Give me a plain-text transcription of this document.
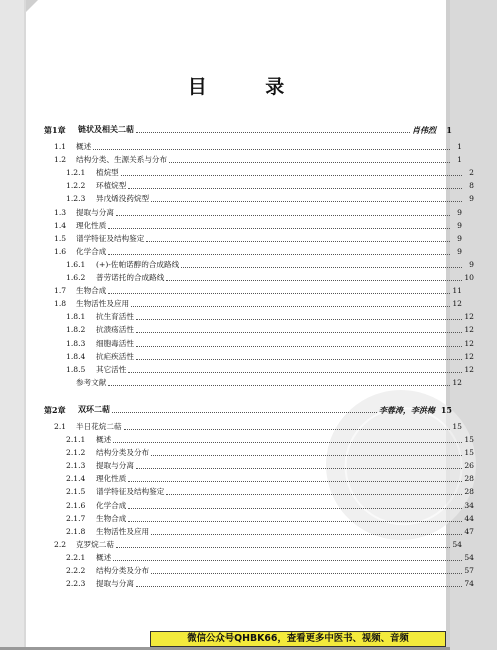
目 录
第1章	链状及相关二萜	肖伟烈	1
1.1	概述	1
1.2	结构分类、生源关系与分布	1
1.2.1	植烷型	2
1.2.2	环植烷型	8
1.2.3	异戊烯没药烷型	9
1.3	提取与分离	9
1.4	理化性质	9
1.5	谱学特征及结构鉴定	9
1.6	化学合成	9
1.6.1	(+)-佐帕诺醇的合成路线	9
1.6.2	普劳诺托的合成路线	10
1.7	生物合成	11
1.8	生物活性及应用	12
1.8.1	抗生育活性	12
1.8.2	抗溃疡活性	12
1.8.3	细胞毒活性	12
1.8.4	抗疟疾活性	12
1.8.5	其它活性	12
参考文献	12
第2章	双环二萜	李蓉涛，李洪梅 15
2.1	半日花烷二萜	15
2.1.1	概述	15
2.1.2	结构分类及分布	15
2.1.3	提取与分离	26
2.1.4	理化性质	28
2.1.5	谱学特征及结构鉴定	28
2.1.6	化学合成	34
2.1.7	生物合成	44
2.1.8	生物活性及应用	47
2.2	克罗烷二萜	54
2.2.1	概述	54
2.2.2	结构分类及分布	57
2.2.3	提取与分离	74
微信公众号QHBK66，查看更多中医书、视频、音频
